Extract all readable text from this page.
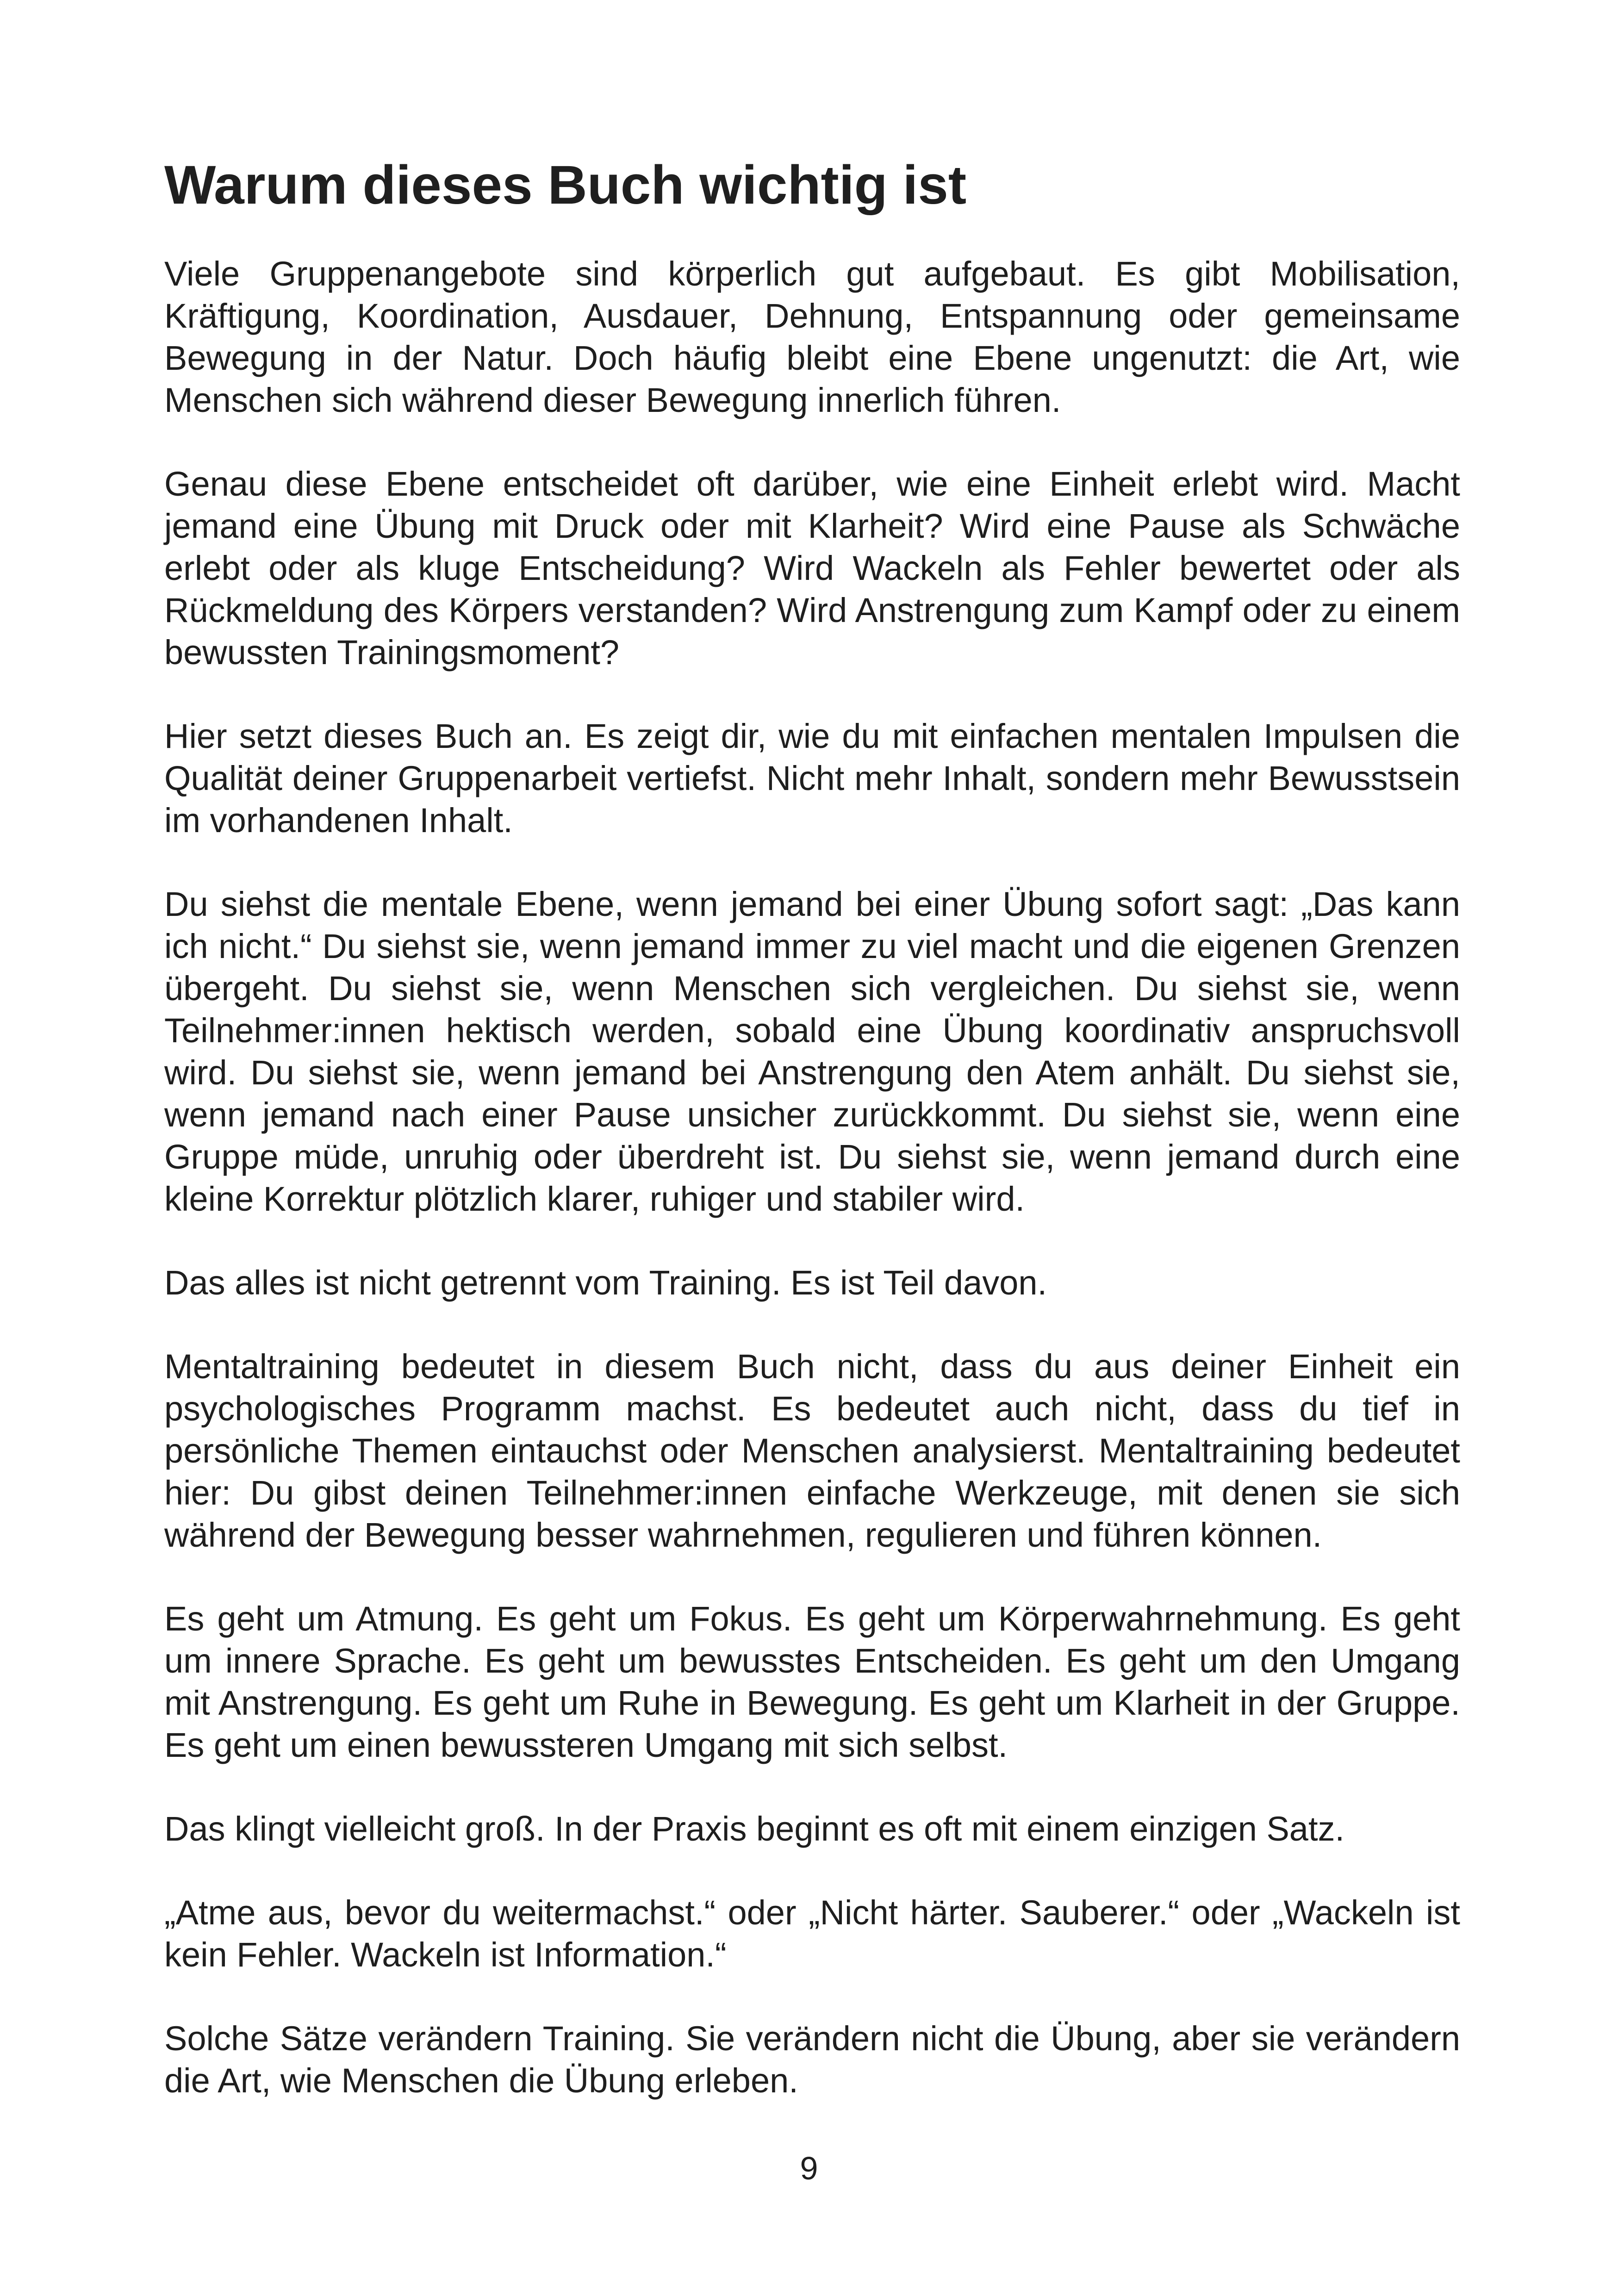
Warum dieses Buch wichtig ist

Viele Gruppenangebote sind körperlich gut aufgebaut. Es gibt Mobilisation, Kräftigung, Koordination, Ausdauer, Dehnung, Entspannung oder gemeinsame Bewegung in der Natur. Doch häufig bleibt eine Ebene ungenutzt: die Art, wie Menschen sich während dieser Bewegung innerlich führen.

Genau diese Ebene entscheidet oft darüber, wie eine Einheit erlebt wird. Macht jemand eine Übung mit Druck oder mit Klarheit? Wird eine Pause als Schwäche erlebt oder als kluge Entscheidung? Wird Wackeln als Fehler bewertet oder als Rückmeldung des Körpers verstanden? Wird Anstrengung zum Kampf oder zu einem bewussten Trainingsmoment?

Hier setzt dieses Buch an. Es zeigt dir, wie du mit einfachen mentalen Impulsen die Qualität deiner Gruppenarbeit vertiefst. Nicht mehr Inhalt, sondern mehr Bewusstsein im vorhandenen Inhalt.

Du siehst die mentale Ebene, wenn jemand bei einer Übung sofort sagt: „Das kann ich nicht.“ Du siehst sie, wenn jemand immer zu viel macht und die eigenen Grenzen übergeht. Du siehst sie, wenn Menschen sich vergleichen. Du siehst sie, wenn Teilnehmer:innen hektisch werden, sobald eine Übung koordinativ anspruchsvoll wird. Du siehst sie, wenn jemand bei Anstrengung den Atem anhält. Du siehst sie, wenn jemand nach einer Pause unsicher zurückkommt. Du siehst sie, wenn eine Gruppe müde, unruhig oder überdreht ist. Du siehst sie, wenn jemand durch eine kleine Korrektur plötzlich klarer, ruhiger und stabiler wird.

Das alles ist nicht getrennt vom Training. Es ist Teil davon.

Mentaltraining bedeutet in diesem Buch nicht, dass du aus deiner Einheit ein psychologisches Programm machst. Es bedeutet auch nicht, dass du tief in persönliche Themen eintauchst oder Menschen analysierst. Mentaltraining bedeutet hier: Du gibst deinen Teilnehmer:innen einfache Werkzeuge, mit denen sie sich während der Bewegung besser wahrnehmen, regulieren und führen können.

Es geht um Atmung. Es geht um Fokus. Es geht um Körperwahrnehmung. Es geht um innere Sprache. Es geht um bewusstes Entscheiden. Es geht um den Umgang mit Anstrengung. Es geht um Ruhe in Bewegung. Es geht um Klarheit in der Gruppe. Es geht um einen bewussteren Umgang mit sich selbst.

Das klingt vielleicht groß. In der Praxis beginnt es oft mit einem einzigen Satz.

„Atme aus, bevor du weitermachst.“ oder „Nicht härter. Sauberer.“ oder „Wackeln ist kein Fehler. Wackeln ist Information.“

Solche Sätze verändern Training. Sie verändern nicht die Übung, aber sie verändern die Art, wie Menschen die Übung erleben.

9
